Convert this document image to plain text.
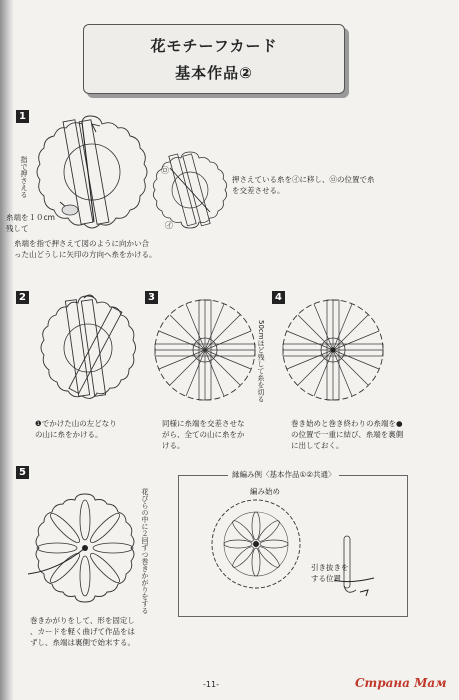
花モチーフカード
基本作品②
1
指で押さえる
糸端を１０cm
残して
糸端を指で押さえて図のように向かい合
った山どうしに矢印の方向へ糸をかける。
㋺
㋑
押さえている糸を㋑に移し、㋺の位置で糸
を交差させる。
2
❶でかけた山の左どなり
の山に糸をかける。
3
50cmほど残して糸を切る
同様に糸端を交差させな
がら、全ての山に糸をか
ける。
4
巻き始めと巻き終わりの糸端を●
の位置で一重に結び、糸端を裏側
に出しておく。
5
花びらの中に２回ずつ巻きかがりをする
巻きかがりをして、形を固定し
、カードを軽く曲げて作品をは
ずし、糸端は裏側で始末する。
縁編み例〈基本作品①②共通〉
編み始め
引き抜きを
する位置
-11-	Страна Мам
